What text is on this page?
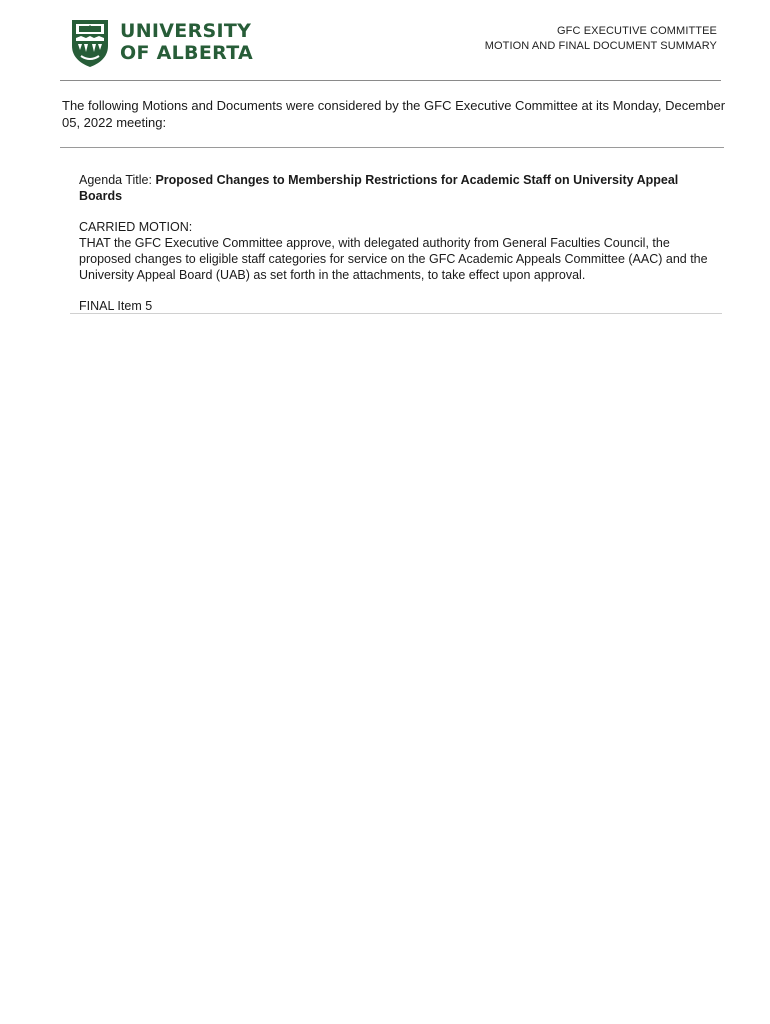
UNIVERSITY
OF ALBERTA
GFC EXECUTIVE COMMITTEE
MOTION AND FINAL DOCUMENT SUMMARY
The following Motions and Documents were considered by the GFC Executive Committee at its Monday, December 05, 2022 meeting:
Agenda Title: Proposed Changes to Membership Restrictions for Academic Staff on University Appeal Boards
CARRIED MOTION:
THAT the GFC Executive Committee approve, with delegated authority from General Faculties Council, the proposed changes to eligible staff categories for service on the GFC Academic Appeals Committee (AAC) and the University Appeal Board (UAB) as set forth in the attachments, to take effect upon approval.
FINAL Item 5
